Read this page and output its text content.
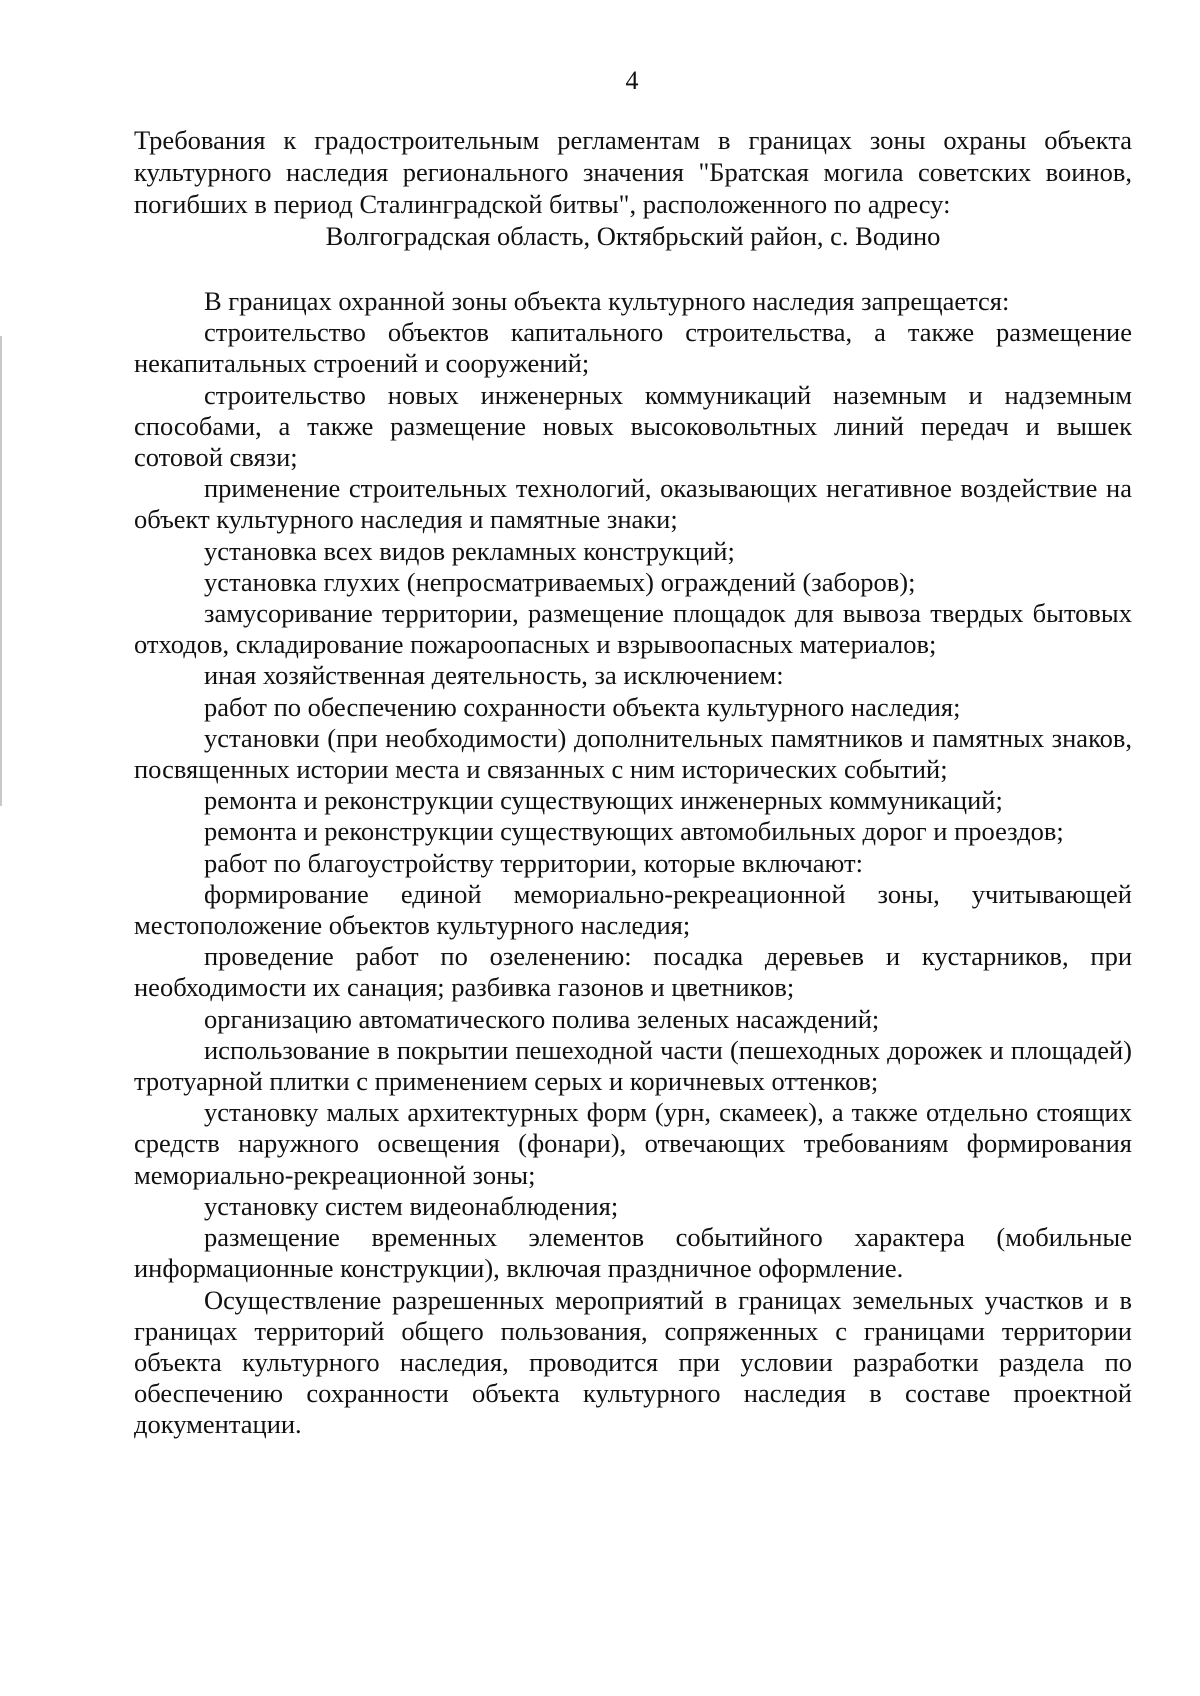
4
Требования к градостроительным регламентам в границах зоны охраны объекта культурного наследия регионального значения "Братская могила советских воинов, погибших в период Сталинградской битвы", расположенного по адресу:
Волгоградская область, Октябрьский район, с. Водино

В границах охранной зоны объекта культурного наследия запрещается:

строительство объектов капитального строительства, а также размещение некапитальных строений и сооружений;

строительство новых инженерных коммуникаций наземным и надземным способами, а также размещение новых высоковольтных линий передач и вышек сотовой связи;

применение строительных технологий, оказывающих негативное воздействие на объект культурного наследия и памятные знаки;

установка всех видов рекламных конструкций;

установка глухих (непросматриваемых) ограждений (заборов);

замусоривание территории, размещение площадок для вывоза твердых бытовых отходов, складирование пожароопасных и взрывоопасных материалов;

иная хозяйственная деятельность, за исключением:

работ по обеспечению сохранности объекта культурного наследия;

установки (при необходимости) дополнительных памятников и памятных знаков, посвященных истории места и связанных с ним исторических событий;

ремонта и реконструкции существующих инженерных коммуникаций;

ремонта и реконструкции существующих автомобильных дорог и проездов;

работ по благоустройству территории, которые включают:

формирование единой мемориально-рекреационной зоны, учитывающей местоположение объектов культурного наследия;

проведение работ по озеленению: посадка деревьев и кустарников, при необходимости их санация; разбивка газонов и цветников;

организацию автоматического полива зеленых насаждений;

использование в покрытии пешеходной части (пешеходных дорожек и площадей) тротуарной плитки с применением серых и коричневых оттенков;

установку малых архитектурных форм (урн, скамеек), а также отдельно стоящих средств наружного освещения (фонари), отвечающих требованиям формирования мемориально-рекреационной зоны;

установку систем видеонаблюдения;

размещение временных элементов событийного характера (мобильные информационные конструкции), включая праздничное оформление.

Осуществление разрешенных мероприятий в границах земельных участков и в границах территорий общего пользования, сопряженных с границами территории объекта культурного наследия, проводится при условии разработки раздела по обеспечению сохранности объекта культурного наследия в составе проектной документации.
